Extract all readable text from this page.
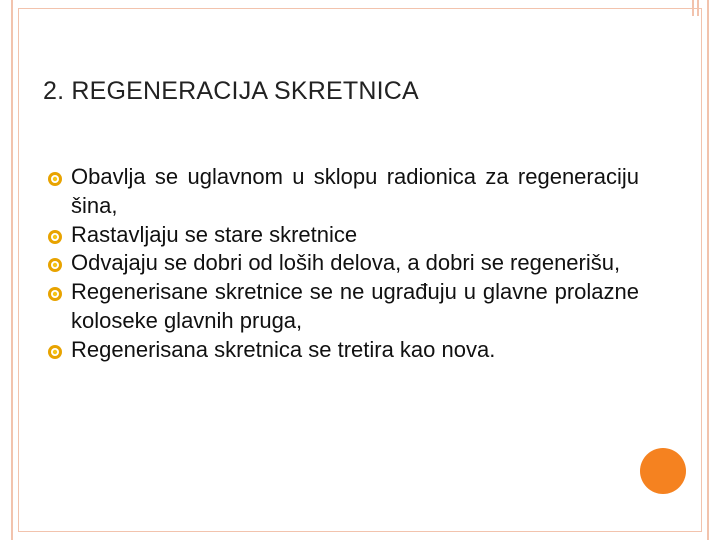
2. REGENERACIJA SKRETNICA
Obavlja se uglavnom u sklopu radionica za regeneraciju šina,
Rastavljaju se stare skretnice
Odvajaju se dobri od loših delova, a dobri se regenerišu,
Regenerisane skretnice se ne ugrađuju u glavne prolazne koloseke glavnih pruga,
Regenerisana skretnica se tretira kao nova.
